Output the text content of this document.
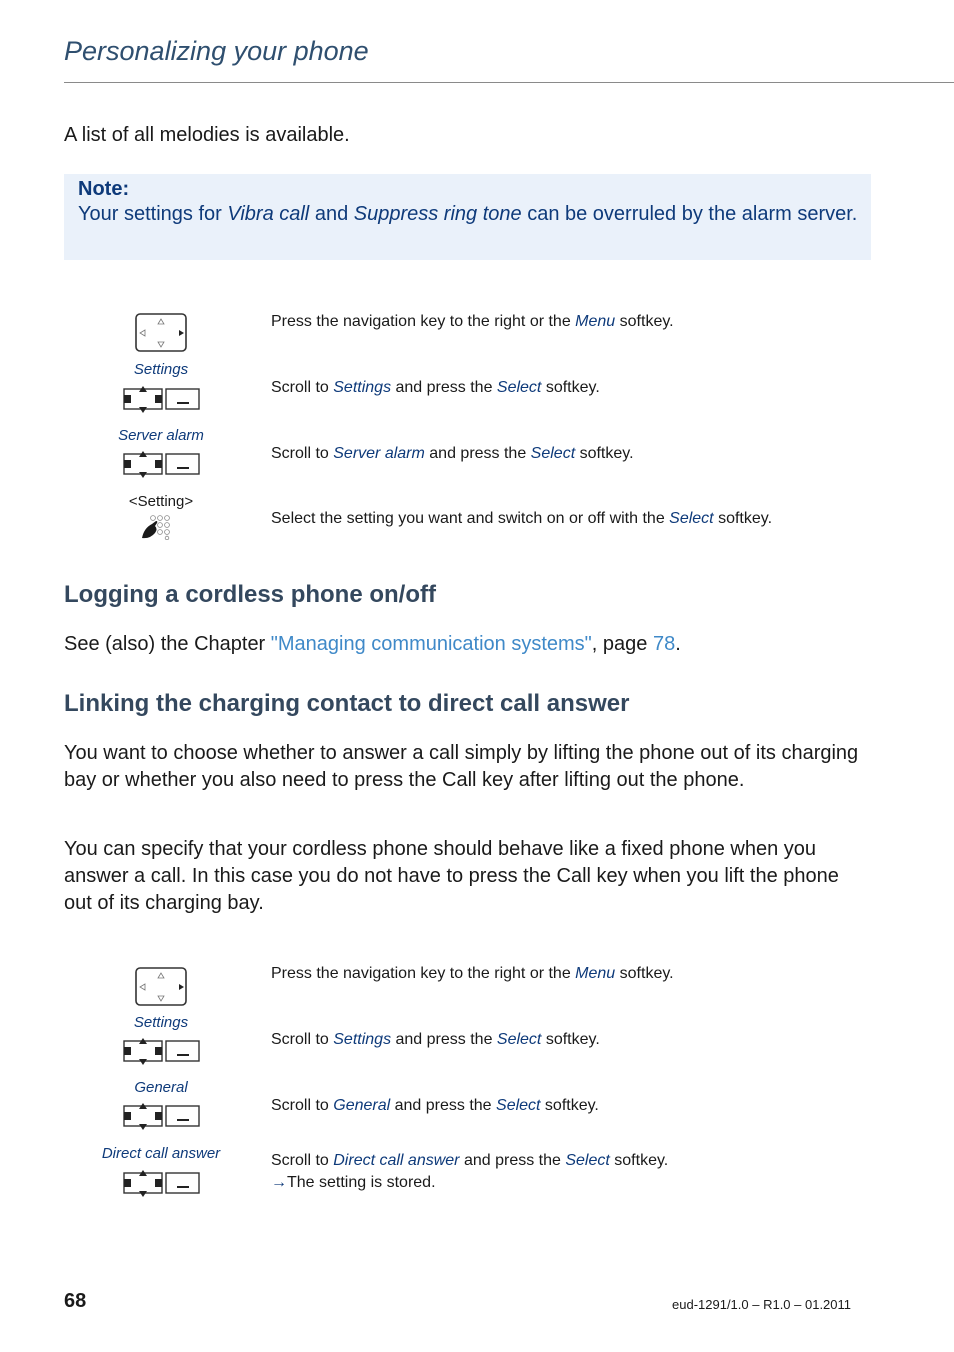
Personalizing your phone
A list of all melodies is available.
Note:
Your settings for Vibra call and Suppress ring tone can be overruled by the alarm server.
Press the navigation key to the right or the Menu softkey.
Settings
Scroll to Settings and press the Select softkey.
Server alarm
Scroll to Server alarm and press the Select softkey.
<Setting>
Select the setting you want and switch on or off with the Select softkey.
Logging a cordless phone on/off
See (also) the Chapter "Managing communication systems", page 78.
Linking the charging contact to direct call answer
You want to choose whether to answer a call simply by lifting the phone out of its charging bay or whether you also need to press the Call key after lifting out the phone.
You can specify that your cordless phone should behave like a fixed phone when you answer a call. In this case you do not have to press the Call key when you lift the phone out of its charging bay.
Press the navigation key to the right or the Menu softkey.
Settings
Scroll to Settings and press the Select softkey.
General
Scroll to General and press the Select softkey.
Direct call answer	Scroll to Direct call answer and press the Select softkey.
→The setting is stored.
68	eud-1291/1.0 – R1.0 – 01.2011
